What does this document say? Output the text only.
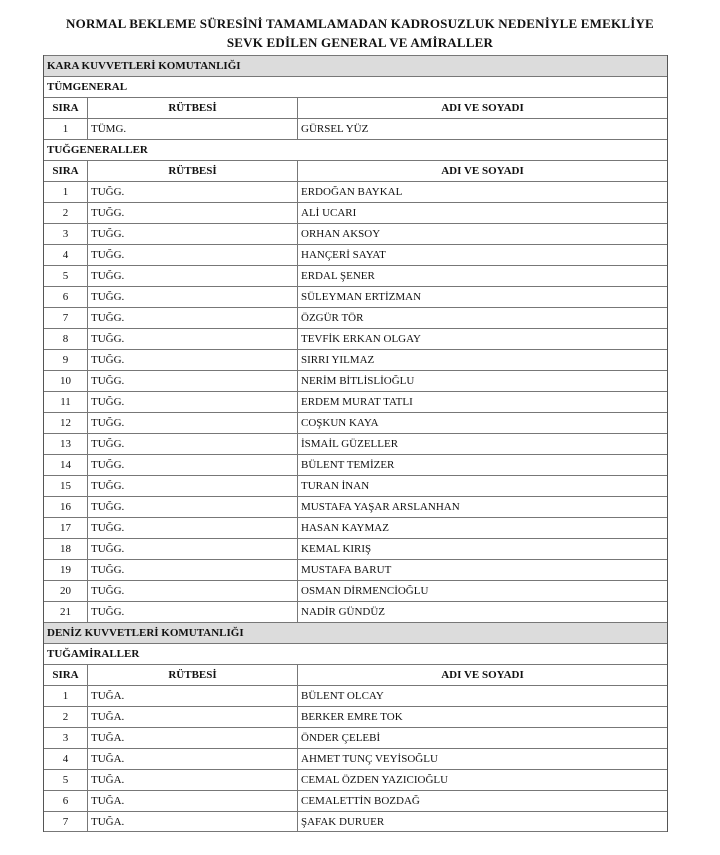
NORMAL BEKLEME SÜRESİNİ TAMAMLAMADAN KADROSUZLUK NEDENİYLE EMEKLİYE
SEVK EDİLEN GENERAL VE AMİRALLER
KARA KUVVETLERİ KOMUTANLIĞI
TÜMGENERAL
SIRA	RÜTBESİ	ADI VE SOYADI
1	TÜMG.	GÜRSEL YÜZ
TUĞGENERALLER
SIRA	RÜTBESİ	ADI VE SOYADI
1	TUĞG.	ERDOĞAN BAYKAL
2	TUĞG.	ALİ UCARI
3	TUĞG.	ORHAN AKSOY
4	TUĞG.	HANÇERİ SAYAT
5	TUĞG.	ERDAL ŞENER
6	TUĞG.	SÜLEYMAN ERTİZMAN
7	TUĞG.	ÖZGÜR TÖR
8	TUĞG.	TEVFİK ERKAN OLGAY
9	TUĞG.	SIRRI YILMAZ
10	TUĞG.	NERİM BİTLİSLİOĞLU
11	TUĞG.	ERDEM MURAT TATLI
12	TUĞG.	COŞKUN KAYA
13	TUĞG.	İSMAİL GÜZELLER
14	TUĞG.	BÜLENT TEMİZER
15	TUĞG.	TURAN İNAN
16	TUĞG.	MUSTAFA YAŞAR ARSLANHAN
17	TUĞG.	HASAN KAYMAZ
18	TUĞG.	KEMAL KIRIŞ
19	TUĞG.	MUSTAFA BARUT
20	TUĞG.	OSMAN DİRMENCİOĞLU
21	TUĞG.	NADİR GÜNDÜZ
DENİZ KUVVETLERİ KOMUTANLIĞI
TUĞAMİRALLER
SIRA	RÜTBESİ	ADI VE SOYADI
1	TUĞA.	BÜLENT OLCAY
2	TUĞA.	BERKER EMRE TOK
3	TUĞA.	ÖNDER ÇELEBİ
4	TUĞA.	AHMET TUNÇ VEYİSOĞLU
5	TUĞA.	CEMAL ÖZDEN YAZICIOĞLU
6	TUĞA.	CEMALETTİN BOZDAĞ
7	TUĞA.	ŞAFAK DURUER
